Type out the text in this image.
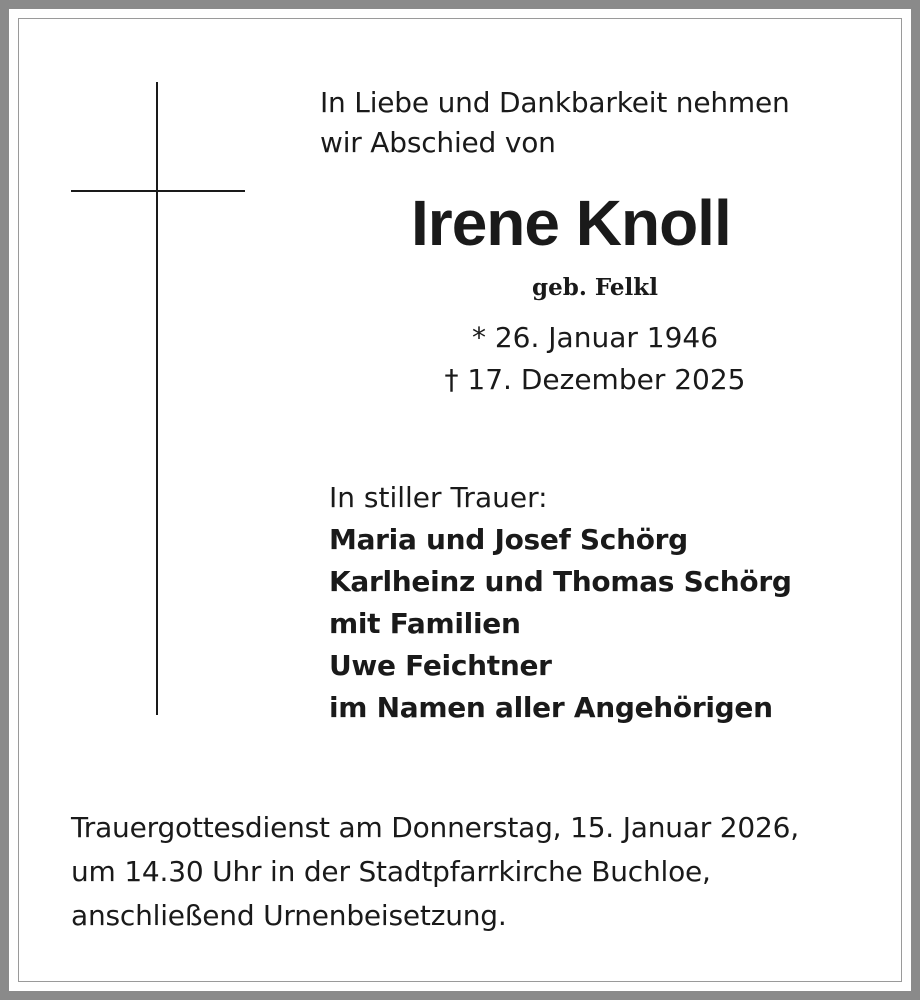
In Liebe und Dankbarkeit nehmen
wir Abschied von

Irene Knoll
geb. Felkl
* 26. Januar 1946
† 17. Dezember 2025
In stiller Trauer:
Maria und Josef Schörg
Karlheinz und Thomas Schörg
mit Familien
Uwe Feichtner
im Namen aller Angehörigen

Trauergottesdienst am Donnerstag, 15. Januar 2026,
um 14.30 Uhr in der Stadtpfarrkirche Buchloe,
anschließend Urnenbeisetzung.
